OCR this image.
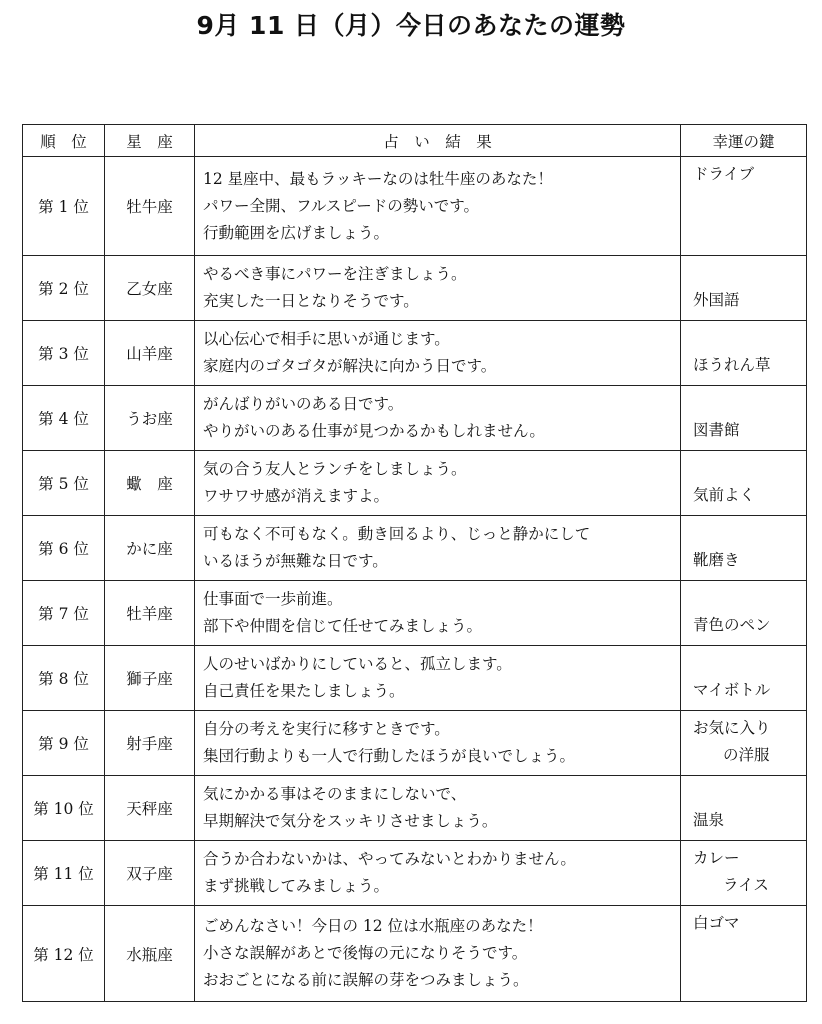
9月 11 日（月）今日のあなたの運勢
順　位	星　座	占　い　結　果	幸運の鍵
第 1 位	牡牛座	12 星座中、最もラッキーなのは牡牛座のあなた！
パワー全開、フルスピードの勢いです。
行動範囲を広げましょう。	ドライブ

第 2 位	乙女座	やるべき事にパワーを注ぎましょう。
充実した一日となりそうです。	外国語

第 3 位	山羊座	以心伝心で相手に思いが通じます。
家庭内のゴタゴタが解決に向かう日です。	ほうれん草

第 4 位	うお座	がんばりがいのある日です。
やりがいのある仕事が見つかるかもしれません。	図書館

第 5 位	蠍　座	気の合う友人とランチをしましょう。
ワサワサ感が消えますよ。	気前よく

第 6 位	かに座	可もなく不可もなく。動き回るより、じっと静かにして
いるほうが無難な日です。	靴磨き

第 7 位	牡羊座	仕事面で一歩前進。
部下や仲間を信じて任せてみましょう。	青色のペン

第 8 位	獅子座	人のせいばかりにしていると、孤立します。
自己責任を果たしましょう。	マイボトル

第 9 位	射手座	自分の考えを実行に移すときです。
集団行動よりも一人で行動したほうが良いでしょう。	お気に入り
の洋服

第 10 位	天秤座	気にかかる事はそのままにしないで、
早期解決で気分をスッキリさせましょう。	温泉

第 11 位	双子座	合うか合わないかは、やってみないとわかりません。
まず挑戦してみましょう。	カレー
ライス

第 12 位	水瓶座	ごめんなさい！今日の 12 位は水瓶座のあなた！
小さな誤解があとで後悔の元になりそうです。
おおごとになる前に誤解の芽をつみましょう。	白ゴマ
